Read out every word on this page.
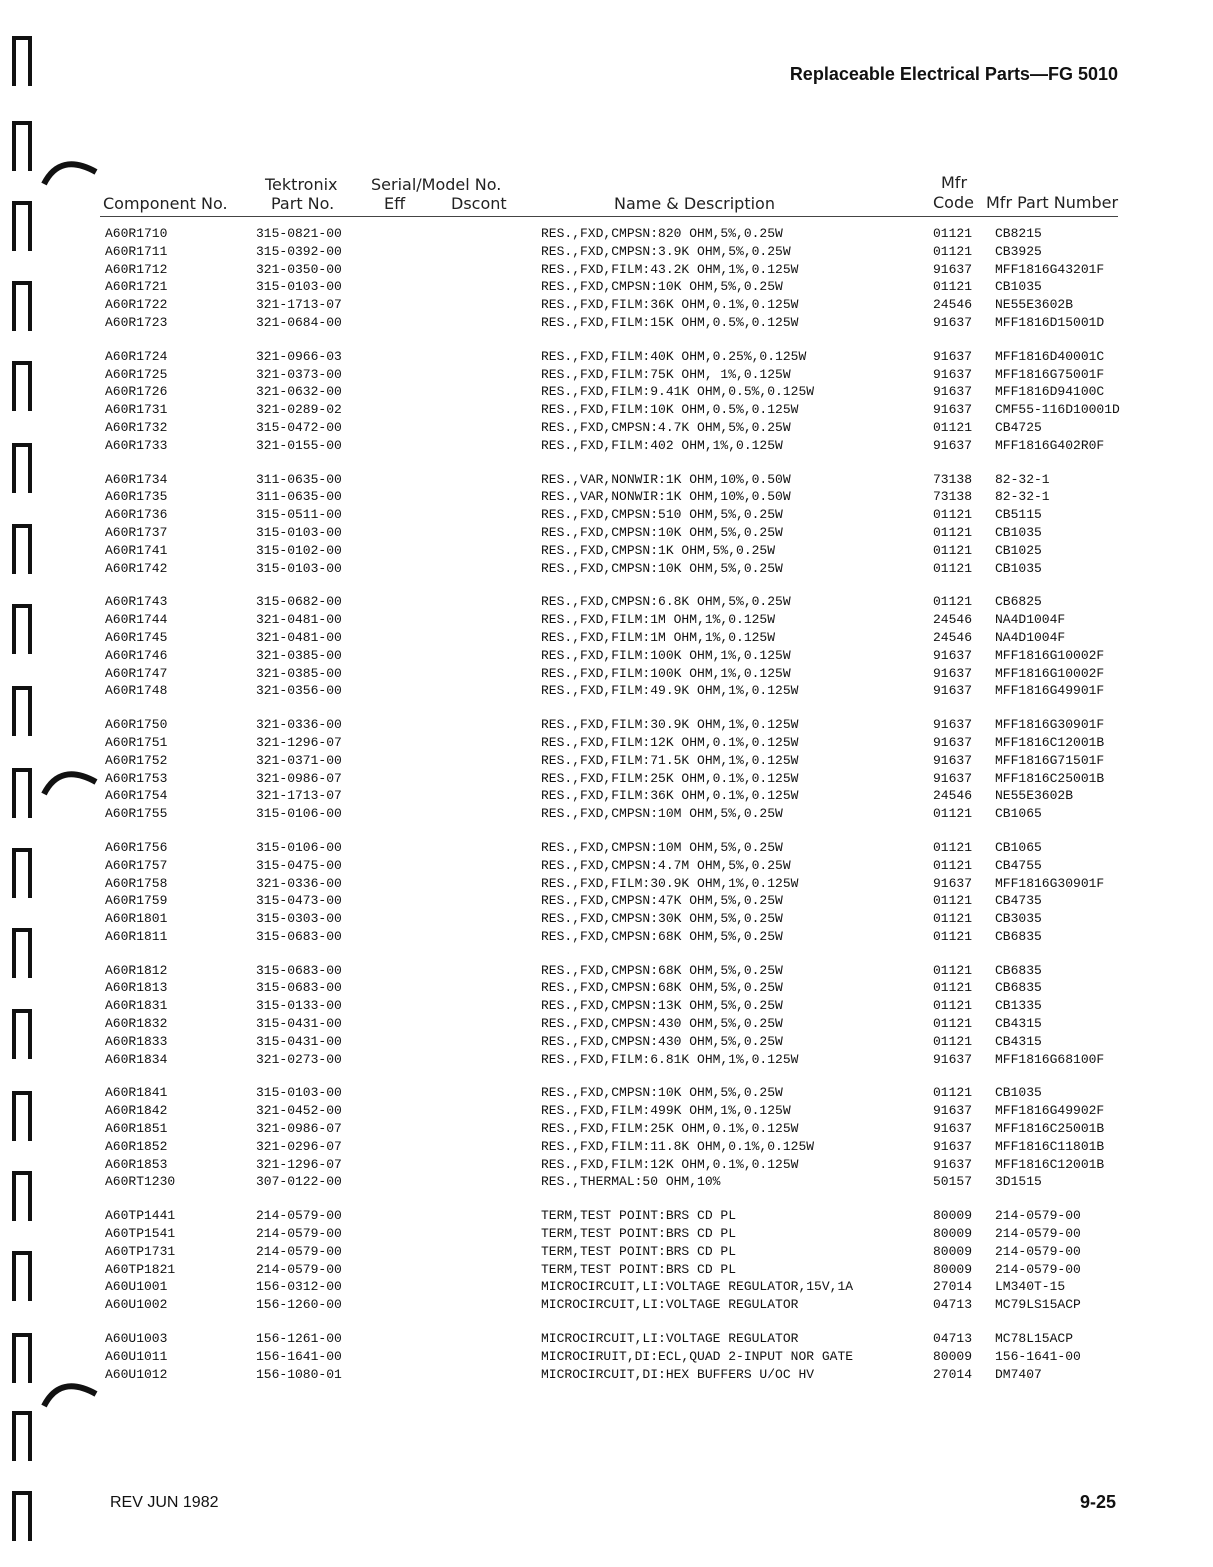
Replaceable Electrical Parts—FG 5010
Component No.
Tektronix
Part No.
Serial/Model No.
Eff	Dscont	Name & Description
Mfr
Code Mfr Part Number
A60R1710	315-0821-00	RES.,FXD,CMPSN:820 OHM,5%,0.25W	01121 CB8215
A60R1711	315-0392-00	RES.,FXD,CMPSN:3.9K OHM,5%,0.25W	01121 CB3925
A60R1712	321-0350-00	RES.,FXD,FILM:43.2K OHM,1%,0.125W	91637 MFF1816G43201F
A60R1721	315-0103-00	RES.,FXD,CMPSN:10K OHM,5%,0.25W	01121 CB1035
A60R1722	321-1713-07	RES.,FXD,FILM:36K OHM,0.1%,0.125W	24546 NE55E3602B
A60R1723	321-0684-00	RES.,FXD,FILM:15K OHM,0.5%,0.125W	91637 MFF1816D15001D
A60R1724	321-0966-03	RES.,FXD,FILM:40K OHM,0.25%,0.125W	91637 MFF1816D40001C
A60R1725	321-0373-00	RES.,FXD,FILM:75K OHM, 1%,0.125W	91637 MFF1816G75001F
A60R1726	321-0632-00	RES.,FXD,FILM:9.41K OHM,0.5%,0.125W	91637 MFF1816D94100C
A60R1731	321-0289-02	RES.,FXD,FILM:10K OHM,0.5%,0.125W	91637 CMF55-116D10001D
A60R1732	315-0472-00	RES.,FXD,CMPSN:4.7K OHM,5%,0.25W	01121 CB4725
A60R1733	321-0155-00	RES.,FXD,FILM:402 OHM,1%,0.125W	91637 MFF1816G402R0F
A60R1734	311-0635-00	RES.,VAR,NONWIR:1K OHM,10%,0.50W	73138 82-32-1
A60R1735	311-0635-00	RES.,VAR,NONWIR:1K OHM,10%,0.50W	73138 82-32-1
A60R1736	315-0511-00	RES.,FXD,CMPSN:510 OHM,5%,0.25W	01121 CB5115
A60R1737	315-0103-00	RES.,FXD,CMPSN:10K OHM,5%,0.25W	01121 CB1035
A60R1741	315-0102-00	RES.,FXD,CMPSN:1K OHM,5%,0.25W	01121 CB1025
A60R1742	315-0103-00	RES.,FXD,CMPSN:10K OHM,5%,0.25W	01121 CB1035
A60R1743	315-0682-00	RES.,FXD,CMPSN:6.8K OHM,5%,0.25W	01121 CB6825
A60R1744	321-0481-00	RES.,FXD,FILM:1M OHM,1%,0.125W	24546 NA4D1004F
A60R1745	321-0481-00	RES.,FXD,FILM:1M OHM,1%,0.125W	24546 NA4D1004F
A60R1746	321-0385-00	RES.,FXD,FILM:100K OHM,1%,0.125W	91637 MFF1816G10002F
A60R1747	321-0385-00	RES.,FXD,FILM:100K OHM,1%,0.125W	91637 MFF1816G10002F
A60R1748	321-0356-00	RES.,FXD,FILM:49.9K OHM,1%,0.125W	91637 MFF1816G49901F
A60R1750	321-0336-00	RES.,FXD,FILM:30.9K OHM,1%,0.125W	91637 MFF1816G30901F
A60R1751	321-1296-07	RES.,FXD,FILM:12K OHM,0.1%,0.125W	91637 MFF1816C12001B
A60R1752	321-0371-00	RES.,FXD,FILM:71.5K OHM,1%,0.125W	91637 MFF1816G71501F
A60R1753	321-0986-07	RES.,FXD,FILM:25K OHM,0.1%,0.125W	91637 MFF1816C25001B
A60R1754	321-1713-07	RES.,FXD,FILM:36K OHM,0.1%,0.125W	24546 NE55E3602B
A60R1755	315-0106-00	RES.,FXD,CMPSN:10M OHM,5%,0.25W	01121 CB1065
A60R1756	315-0106-00	RES.,FXD,CMPSN:10M OHM,5%,0.25W	01121 CB1065
A60R1757	315-0475-00	RES.,FXD,CMPSN:4.7M OHM,5%,0.25W	01121 CB4755
A60R1758	321-0336-00	RES.,FXD,FILM:30.9K OHM,1%,0.125W	91637 MFF1816G30901F
A60R1759	315-0473-00	RES.,FXD,CMPSN:47K OHM,5%,0.25W	01121 CB4735
A60R1801	315-0303-00	RES.,FXD,CMPSN:30K OHM,5%,0.25W	01121 CB3035
A60R1811	315-0683-00	RES.,FXD,CMPSN:68K OHM,5%,0.25W	01121 CB6835
A60R1812	315-0683-00	RES.,FXD,CMPSN:68K OHM,5%,0.25W	01121 CB6835
A60R1813	315-0683-00	RES.,FXD,CMPSN:68K OHM,5%,0.25W	01121 CB6835
A60R1831	315-0133-00	RES.,FXD,CMPSN:13K OHM,5%,0.25W	01121 CB1335
A60R1832	315-0431-00	RES.,FXD,CMPSN:430 OHM,5%,0.25W	01121 CB4315
A60R1833	315-0431-00	RES.,FXD,CMPSN:430 OHM,5%,0.25W	01121 CB4315
A60R1834	321-0273-00	RES.,FXD,FILM:6.81K OHM,1%,0.125W	91637 MFF1816G68100F
A60R1841	315-0103-00	RES.,FXD,CMPSN:10K OHM,5%,0.25W	01121 CB1035
A60R1842	321-0452-00	RES.,FXD,FILM:499K OHM,1%,0.125W	91637 MFF1816G49902F
A60R1851	321-0986-07	RES.,FXD,FILM:25K OHM,0.1%,0.125W	91637 MFF1816C25001B
A60R1852	321-0296-07	RES.,FXD,FILM:11.8K OHM,0.1%,0.125W	91637 MFF1816C11801B
A60R1853	321-1296-07	RES.,FXD,FILM:12K OHM,0.1%,0.125W	91637 MFF1816C12001B
A60RT1230	307-0122-00	RES.,THERMAL:50 OHM,10%	50157 3D1515
A60TP1441	214-0579-00	TERM,TEST POINT:BRS CD PL	80009 214-0579-00
A60TP1541	214-0579-00	TERM,TEST POINT:BRS CD PL	80009 214-0579-00
A60TP1731	214-0579-00	TERM,TEST POINT:BRS CD PL	80009 214-0579-00
A60TP1821	214-0579-00	TERM,TEST POINT:BRS CD PL	80009 214-0579-00
A60U1001	156-0312-00	MICROCIRCUIT,LI:VOLTAGE REGULATOR,15V,1A	27014 LM340T-15
A60U1002	156-1260-00	MICROCIRCUIT,LI:VOLTAGE REGULATOR	04713 MC79LS15ACP
A60U1003	156-1261-00	MICROCIRCUIT,LI:VOLTAGE REGULATOR	04713 MC78L15ACP
A60U1011	156-1641-00	MICROCIRUIT,DI:ECL,QUAD 2-INPUT NOR GATE	80009 156-1641-00
A60U1012	156-1080-01	MICROCIRCUIT,DI:HEX BUFFERS U/OC HV	27014 DM7407
REV JUN 1982	9-25
